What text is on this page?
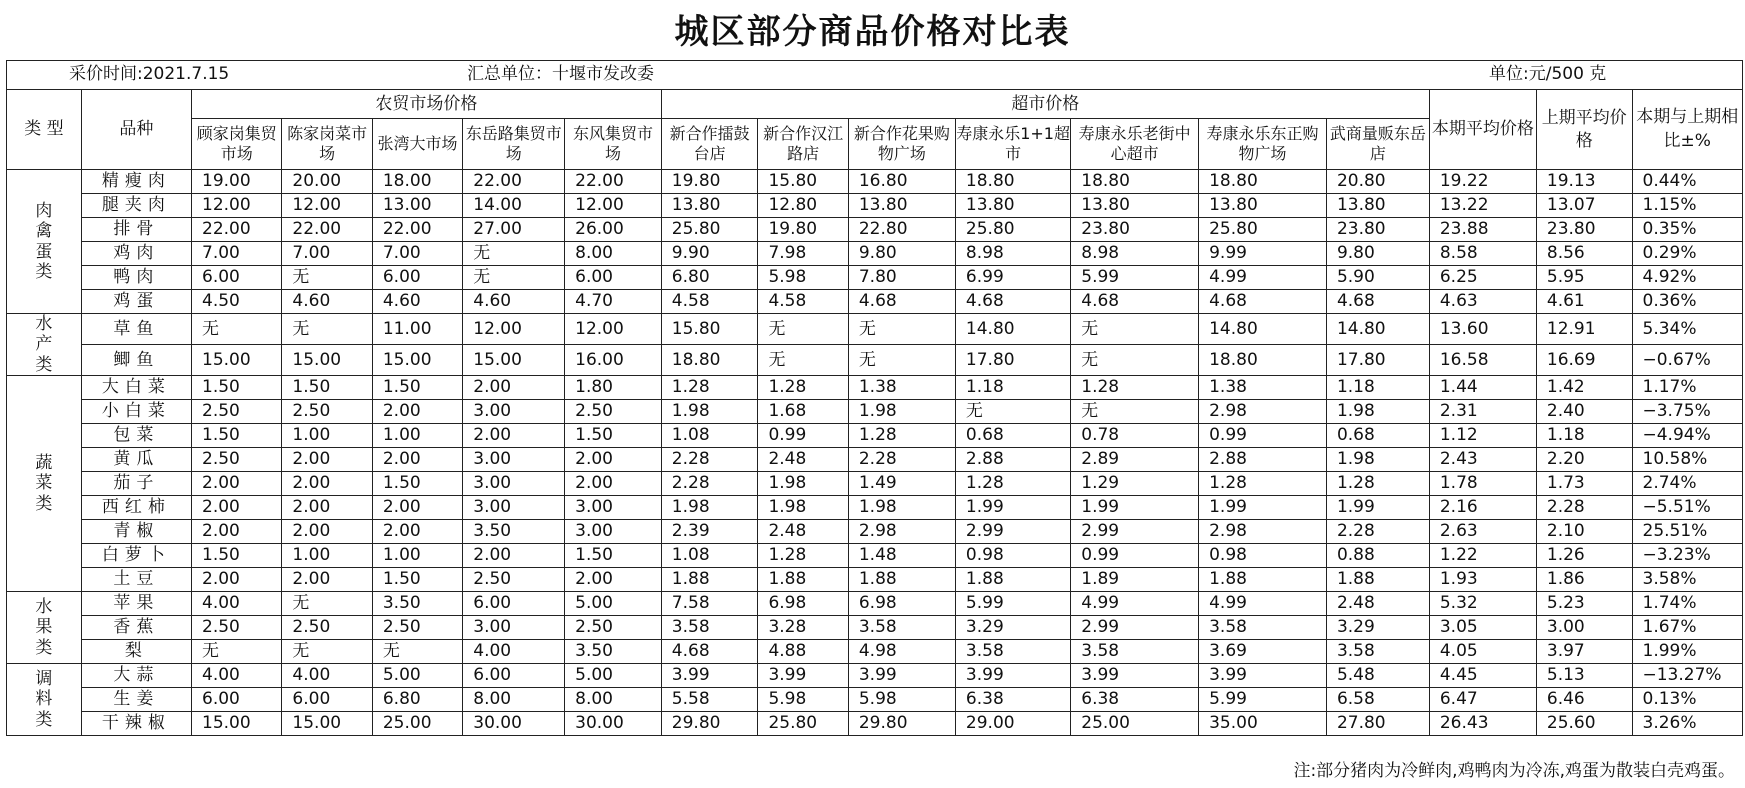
城区部分商品价格对比表
采价时间:2021.7.15 汇总单位：十堰市发改委 单位:元/500 克																

类 型	品种	农贸市场价格					超市价格							本期平均价格	上期平均价格	本期与上期相比±%
		顾家岗集贸市场	陈家岗菜市场	张湾大市场	东岳路集贸市场	东风集贸市场	新合作擂鼓台店	新合作汉江路店	新合作花果购物广场	寿康永乐1+1超市	寿康永乐老街中心超市	寿康永乐东正购物广场	武商量贩东岳店			
肉禽蛋类	精瘦肉	19.00	20.00	18.00	22.00	22.00	19.80	15.80	16.80	18.80	18.80	18.80	20.80	19.22	19.13	0.44%
	腿夹肉	12.00	12.00	13.00	14.00	12.00	13.80	12.80	13.80	13.80	13.80	13.80	13.80	13.22	13.07	1.15%
	排骨	22.00	22.00	22.00	27.00	26.00	25.80	19.80	22.80	25.80	23.80	25.80	23.80	23.88	23.80	0.35%
	鸡肉	7.00	7.00	7.00	无	8.00	9.90	7.98	9.80	8.98	8.98	9.99	9.80	8.58	8.56	0.29%
	鸭肉	6.00	无	6.00	无	6.00	6.80	5.98	7.80	6.99	5.99	4.99	5.90	6.25	5.95	4.92%
	鸡蛋	4.50	4.60	4.60	4.60	4.70	4.58	4.58	4.68	4.68	4.68	4.68	4.68	4.63	4.61	0.36%
水产类	草鱼	无	无	11.00	12.00	12.00	15.80	无	无	14.80	无	14.80	14.80	13.60	12.91	5.34%
	鲫鱼	15.00	15.00	15.00	15.00	16.00	18.80	无	无	17.80	无	18.80	17.80	16.58	16.69	−0.67%
蔬菜类	大白菜	1.50	1.50	1.50	2.00	1.80	1.28	1.28	1.38	1.18	1.28	1.38	1.18	1.44	1.42	1.17%
	小白菜	2.50	2.50	2.00	3.00	2.50	1.98	1.68	1.98	无	无	2.98	1.98	2.31	2.40	−3.75%
	包菜	1.50	1.00	1.00	2.00	1.50	1.08	0.99	1.28	0.68	0.78	0.99	0.68	1.12	1.18	−4.94%
	黄瓜	2.50	2.00	2.00	3.00	2.00	2.28	2.48	2.28	2.88	2.89	2.88	1.98	2.43	2.20	10.58%
	茄子	2.00	2.00	1.50	3.00	2.00	2.28	1.98	1.49	1.28	1.29	1.28	1.28	1.78	1.73	2.74%
	西红柿	2.00	2.00	2.00	3.00	3.00	1.98	1.98	1.98	1.99	1.99	1.99	1.99	2.16	2.28	−5.51%
	青椒	2.00	2.00	2.00	3.50	3.00	2.39	2.48	2.98	2.99	2.99	2.98	2.28	2.63	2.10	25.51%
	白萝卜	1.50	1.00	1.00	2.00	1.50	1.08	1.28	1.48	0.98	0.99	0.98	0.88	1.22	1.26	−3.23%
	土豆	2.00	2.00	1.50	2.50	2.00	1.88	1.88	1.88	1.88	1.89	1.88	1.88	1.93	1.86	3.58%
水果类	苹果	4.00	无	3.50	6.00	5.00	7.58	6.98	6.98	5.99	4.99	4.99	2.48	5.32	5.23	1.74%
	香蕉	2.50	2.50	2.50	3.00	2.50	3.58	3.28	3.58	3.29	2.99	3.58	3.29	3.05	3.00	1.67%
	梨	无	无	无	4.00	3.50	4.68	4.88	4.98	3.58	3.58	3.69	3.58	4.05	3.97	1.99%
调料类	大蒜	4.00	4.00	5.00	6.00	5.00	3.99	3.99	3.99	3.99	3.99	3.99	5.48	4.45	5.13	−13.27%
	生姜	6.00	6.00	6.80	8.00	8.00	5.58	5.98	5.98	6.38	6.38	5.99	6.58	6.47	6.46	0.13%
	干辣椒	15.00	15.00	25.00	30.00	30.00	29.80	25.80	29.80	29.00	25.00	35.00	27.80	26.43	25.60	3.26%
注:部分猪肉为冷鲜肉,鸡鸭肉为冷冻,鸡蛋为散装白壳鸡蛋。
